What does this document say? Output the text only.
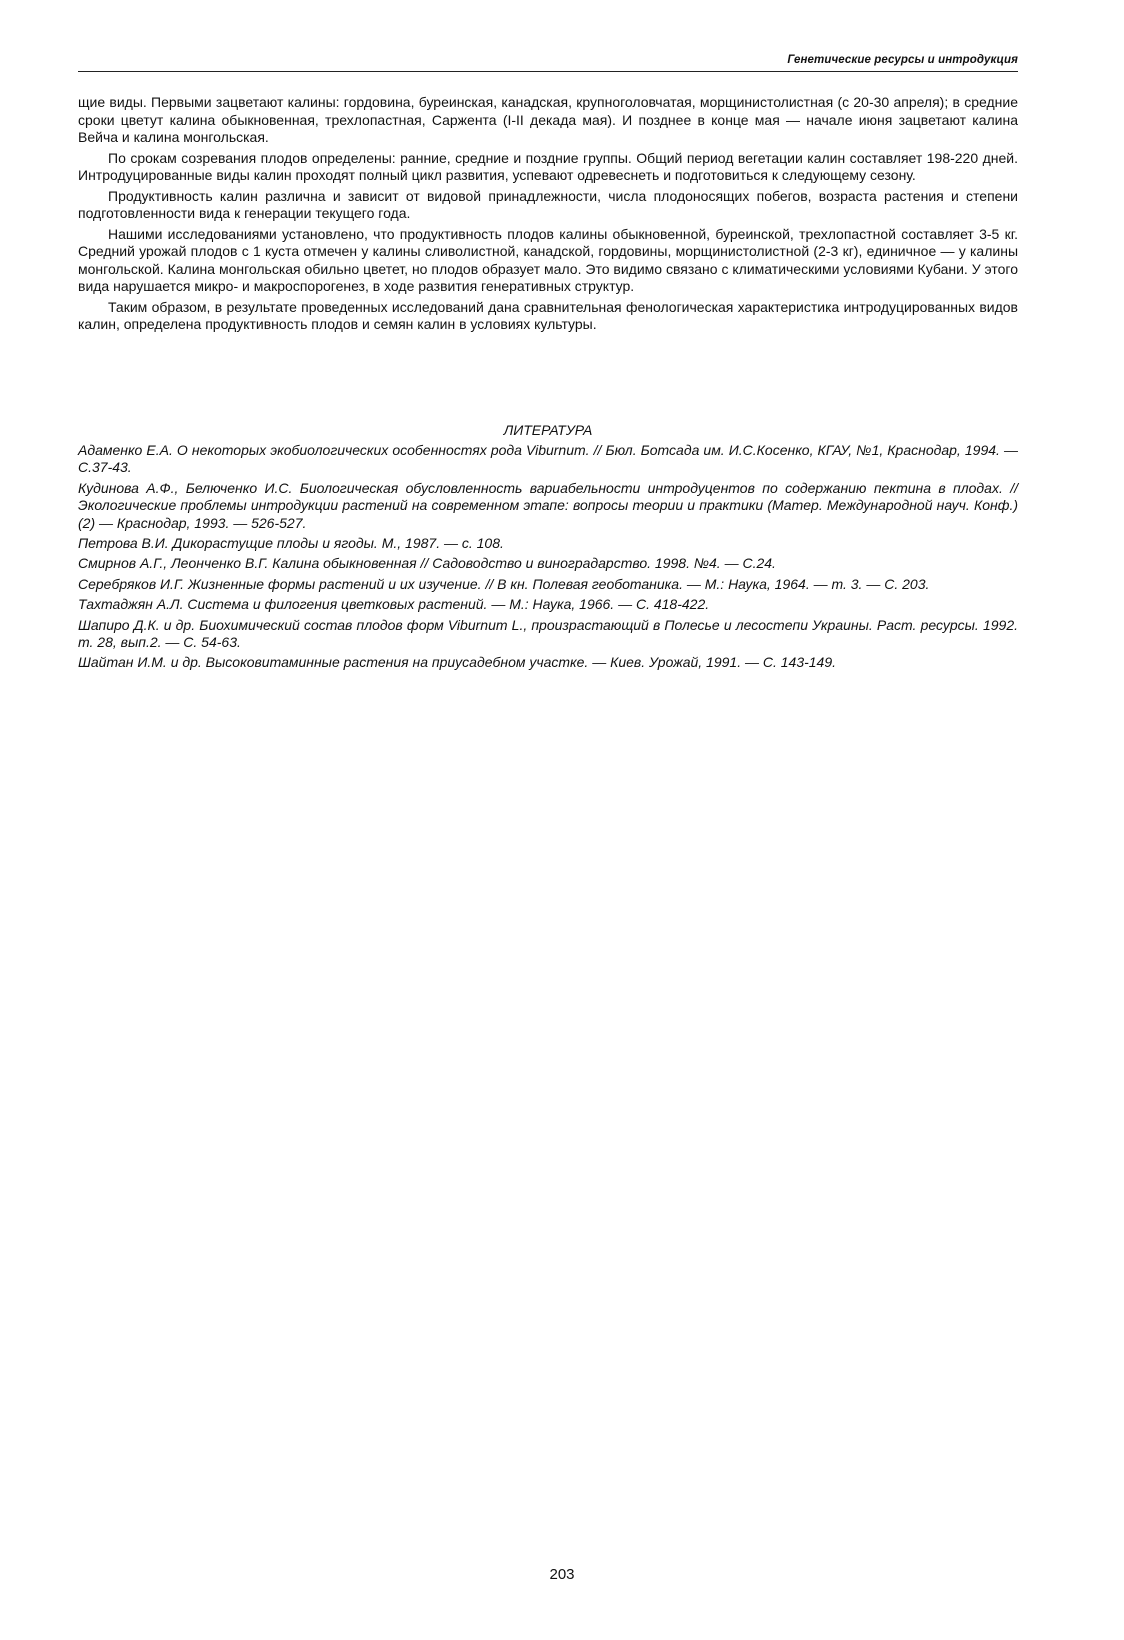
Генетические ресурсы и интродукция

щие виды. Первыми зацветают калины: гордовина, буреинская, канадская, крупноголовчатая, морщинистолистная (с 20-30 апреля); в средние сроки цветут калина обыкновенная, трехлопастная, Саржента (I-II декада мая). И позднее в конце мая — начале июня зацветают калина Вейча и калина монгольская.

По срокам созревания плодов определены: ранние, средние и поздние группы. Общий период вегетации калин составляет 198-220 дней. Интродуцированные виды калин проходят полный цикл развития, успевают одревеснеть и подготовиться к следующему сезону.

Продуктивность калин различна и зависит от видовой принадлежности, числа плодоносящих побегов, возраста растения и степени подготовленности вида к генерации текущего года.

Нашими исследованиями установлено, что продуктивность плодов калины обыкновенной, буреинской, трехлопастной составляет 3-5 кг. Средний урожай плодов с 1 куста отмечен у калины сливолистной, канадской, гордовины, морщинистолистной (2-3 кг), единичное — у калины монгольской. Калина монгольская обильно цветет, но плодов образует мало. Это видимо связано с климатическими условиями Кубани. У этого вида нарушается микро- и макроспорогенез, в ходе развития генеративных структур.

Таким образом, в результате проведенных исследований дана сравнительная фенологическая характеристика интродуцированных видов калин, определена продуктивность плодов и семян калин в условиях культуры.

ЛИТЕРАТУРА

Адаменко Е.А. О некоторых экобиологических особенностях рода Viburnum. // Бюл. Ботсада им. И.С.Косенко, КГАУ, №1, Краснодар, 1994. — С.37-43.

Кудинова А.Ф., Белюченко И.С. Биологическая обусловленность вариабельности интродуцентов по содержанию пектина в плодах. //Экологические проблемы интродукции растений на современном этапе: вопросы теории и практики (Матер. Международной науч. Конф.) (2) — Краснодар, 1993. — 526-527.

Петрова В.И. Дикорастущие плоды и ягоды. М., 1987. — с. 108.

Смирнов А.Г., Леонченко В.Г. Калина обыкновенная // Садоводство и виноградарство. 1998. №4. — С.24.

Серебряков И.Г. Жизненные формы растений и их изучение. // В кн. Полевая геоботаника. — М.: Наука, 1964. — т. 3. — С. 203.

Тахтаджян А.Л. Система и филогения цветковых растений. — М.: Наука, 1966. — С. 418-422.

Шапиро Д.К. и др. Биохимический состав плодов форм Viburnum L., произрастающий в Полесье и лесостепи Украины. Раст. ресурсы. 1992. т. 28, вып.2. — С. 54-63.

Шайтан И.М. и др. Высоковитаминные растения на приусадебном участке. — Киев. Урожай, 1991. — С. 143-149.

203
